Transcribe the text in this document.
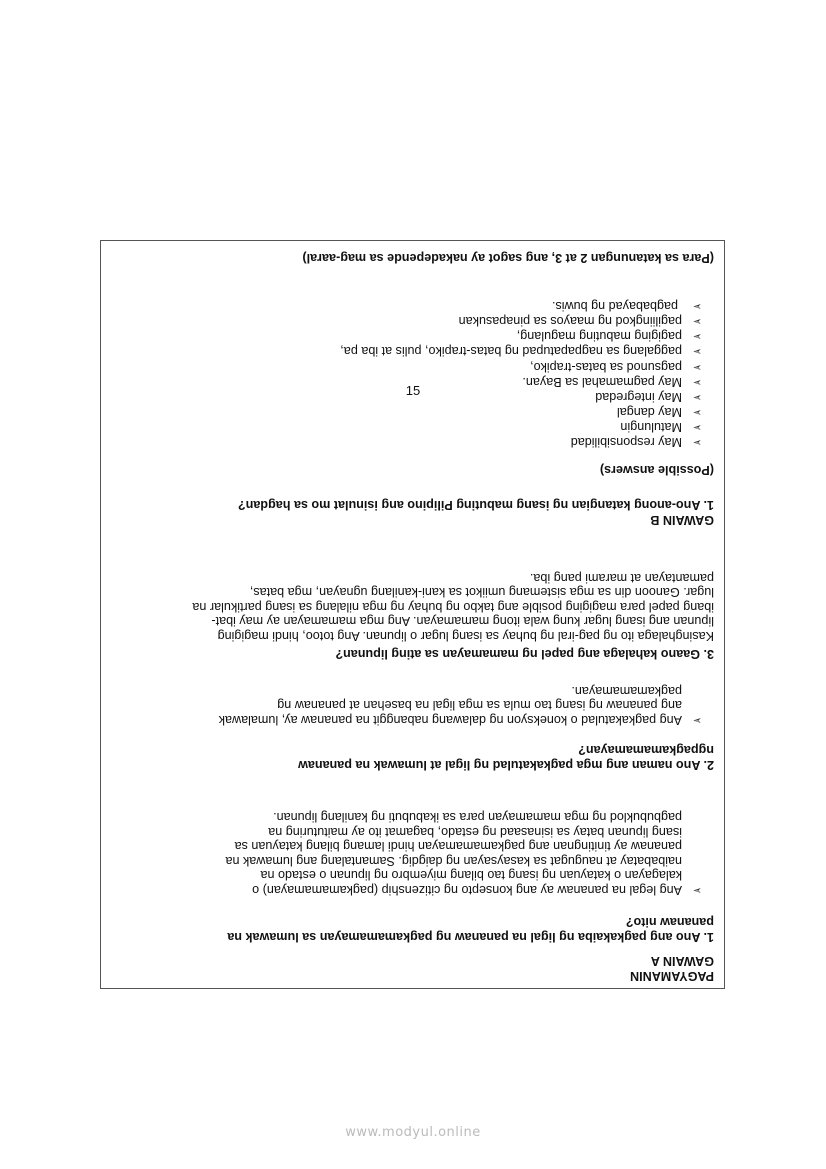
PAGYAMANIN
GAWAIN A
1. Ano ang pagkakaiba ng ligal na pananaw ng pagkamamamayan sa lumawak na
pananaw nito?
➢
Ang legal na pananaw ay ang konsepto ng citizenship (pagkamamamayan) o
kalagayan o katayuan ng isang tao bilang miyembro ng lipunan o estado na
naibabatay at naugugat sa kasaysayan ng daigdig. Samantalang ang lumawak na
pananaw ay tinitingnan ang pagkamamamayan hindi lamang bilang katayuan sa
isang lipunan batay sa isinasaad ng estado, bagamat ito ay maituturing na
pagbubuklod ng mga mamamayan para sa ikabubuti ng kanilang lipunan.
2. Ano naman ang mga pagkakatulad ng ligal at lumawak na pananaw
ngpagkamamamayan?
➢
Ang pagkakatulad o koneksyon ng dalawang nabanggit na pananaw ay, lumalawak
ang pananaw ng isang tao mula sa mga ligal na basehan at pananaw ng
pagkamamamayan.
3. Gaano kahalaga ang papel ng mamamayan sa ating lipunan?
Kasinghalaga ito ng pag-iral ng buhay sa isang lugar o lipunan. Ang totoo, hindi magiging
lipunan ang isang lugar kung wala itong mamamayan. Ang mga mamamayan ay may ibat-
ibang papel para magiging posible ang takbo ng buhay ng mga nilalang sa isang partikular na
lugar. Ganoon din sa mga sistemang umiikot sa kani-kanilang ugnayan, mga batas,
pamantayan at marami pang iba.
GAWAIN B
1. Ano-anong katangian ng isang mabuting Pilipino ang isinulat mo sa hagdan?
(Possible answers)
➢
May responsibilidad
➢
Matulungin
➢
May dangal
➢
May integredad
➢
May pagmamahal sa Bayan.
➢
pagsunod sa batas-trapiko,
➢
paggalang sa nagpapatupad ng batas-trapiko, pulis at iba pa,
➢
pagiging mabuting magulang,
➢
pagiliingkod ng maayos sa pinapasukan
➢
pagbabayad ng buwis.
(Para sa katanungan 2 at 3, ang sagot ay nakadepende sa mag-aaral)
15
www.modyul.online
